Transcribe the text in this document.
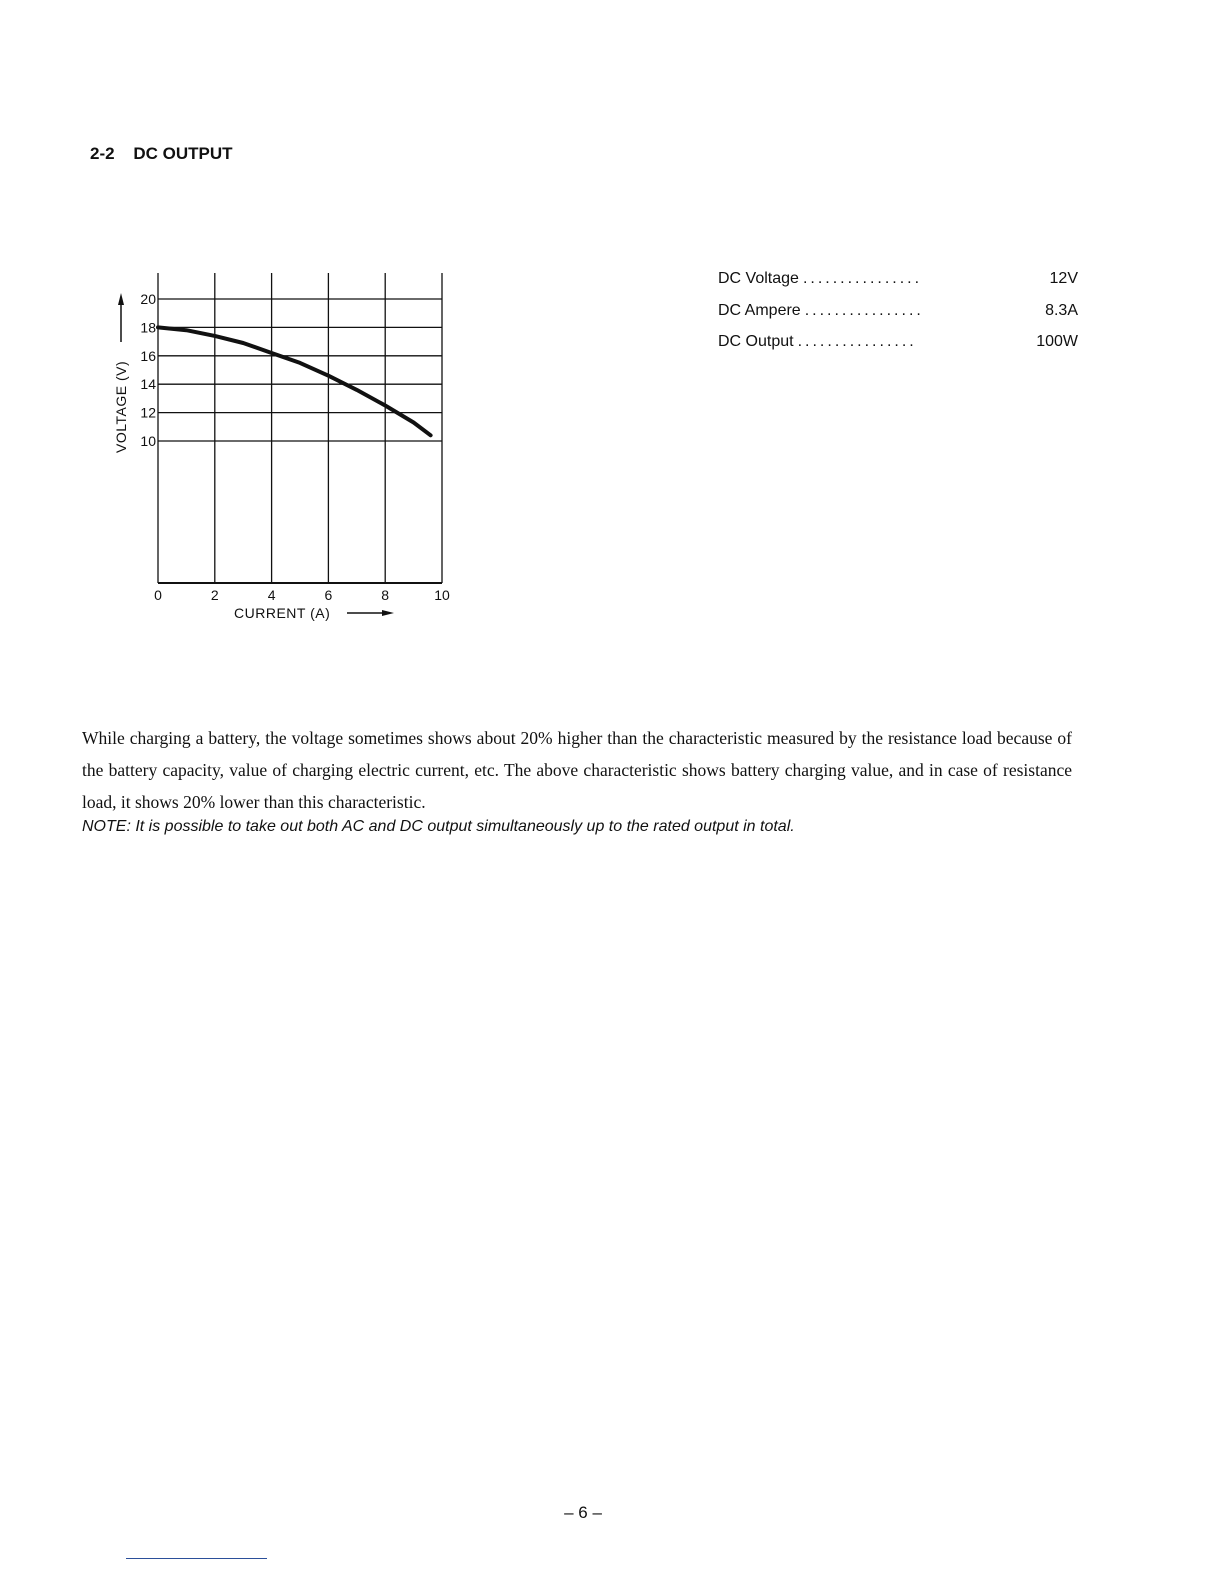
2-2 DC OUTPUT
0	2	4	6	8	10
10
12
14
16
18
20
CURRENT (A)
VOLTAGE (V)
DC Voltage ................	12V
DC Ampere ................	8.3A
DC Output ................	100W

While charging a battery, the voltage sometimes shows about 20% higher than the characteristic measured by the resistance load because of the battery capacity, value of charging electric current, etc. The above characteristic shows battery charging value, and in case of resistance load, it shows 20% lower than this characteristic.

NOTE: It is possible to take out both AC and DC output simultaneously up to the rated output in total.

– 6 –
